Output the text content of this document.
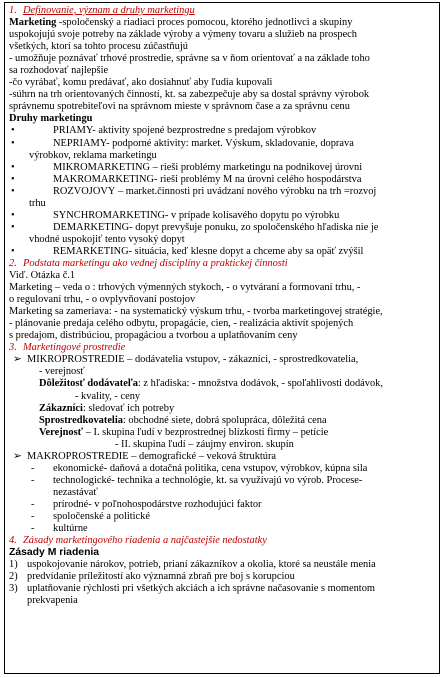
1. Definovanie, význam a druhy marketingu
Marketing -spoločenský a riadiaci proces pomocou, ktorého jednotlivci a skupiny
uspokojujú svoje potreby na základe výroby a výmeny tovaru a služieb na prospech
všetkých, ktorí sa tohto procesu zúčastňujú
- umožňuje poznávať trhové prostredie, správne sa v ňom orientovať a na základe toho
sa rozhodovať najlepšie
-čo vyrábať, komu predávať, ako dosiahnuť aby ľudia kupovali
-súhrn na trh orientovaných činností, kt. sa zabezpečuje aby sa dostal správny výrobok
správnemu spotrebiteľovi na správnom mieste v správnom čase a za správnu cenu
Druhy marketingu
•	PRIAMY- aktivity spojené bezprostredne s predajom výrobkov
•	NEPRIAMY- podporné aktivity: market. Výskum, skladovanie, doprava
výrobkov, reklama marketingu
•	MIKROMARKETING – rieši problémy marketingu na podnikovej úrovni
•	MAKROMARKETING- rieši problémy M na úrovni celého hospodárstva
•	ROZVOJOVÝ – market.činnosti pri uvádzaní nového výrobku na trh =rozvoj
trhu
•	SYNCHROMARKETING- v prípade kolísavého dopytu po výrobku
•	DEMARKETING- dopyt prevyšuje ponuku, zo spoločenského hľadiska nie je
vhodné uspokojiť tento vysoký dopyt
•	REMARKETING- situácia, keď klesne dopyt a chceme aby sa opäť zvýšil
2. Podstata marketingu ako vednej disciplíny a praktickej činnosti
Viď. Otázka č.1
Marketing – veda o : trhových výmenných stykoch, - o vytváraní a formovaní trhu, -
o regulovaní trhu, - o ovplyvňovaní postojov
Marketing sa zameriava: - na systematický výskum trhu, - tvorba marketingovej stratégie,
- plánovanie predaja celého odbytu, propagácie, cien, - realizácia aktivít spojených
s predajom, distribúciou, propagáciou a tvorbou a uplatňovaním ceny
3. Marketingové prostredie
➢ MIKROPROSTREDIE – dodávatelia vstupov, - zákazníci, - sprostredkovatelia,
- verejnosť
Dôležitosť dodávateľa: z hľadiska: - množstva dodávok, - spoľahlivosti dodávok,
- kvality, - ceny
Zákazníci: sledovať ich potreby
Sprostredkovatelia: obchodné siete, dobrá spolupráca, dôležitá cena
Verejnosť – I. skupina ľudí v bezprostrednej blízkosti firmy – petície
- II. skupina ľudí – záujmy environ. skupín
➢ MAKROPROSTREDIE – demografické – veková štruktúra
- ekonomické- daňová a dotačná politika, cena vstupov, výrobkov, kúpna sila
- technologické- technika a technológie, kt. sa využívajú vo výrob. Procese-
nezastávať
- prírodné- v poľnohospodárstve rozhodujúci faktor
- spoločenské a politické
- kultúrne
4. Zásady marketingového riadenia a najčastejšie nedostatky
Zásady M riadenia
1) uspokojovanie nárokov, potrieb, prianí zákazníkov a okolia, ktoré sa neustále menia
2) predvídanie príležitostí ako významná zbraň pre boj s korupciou
3) uplatňovanie rýchlosti pri všetkých akciách a ich správne načasovanie s momentom
prekvapenia
